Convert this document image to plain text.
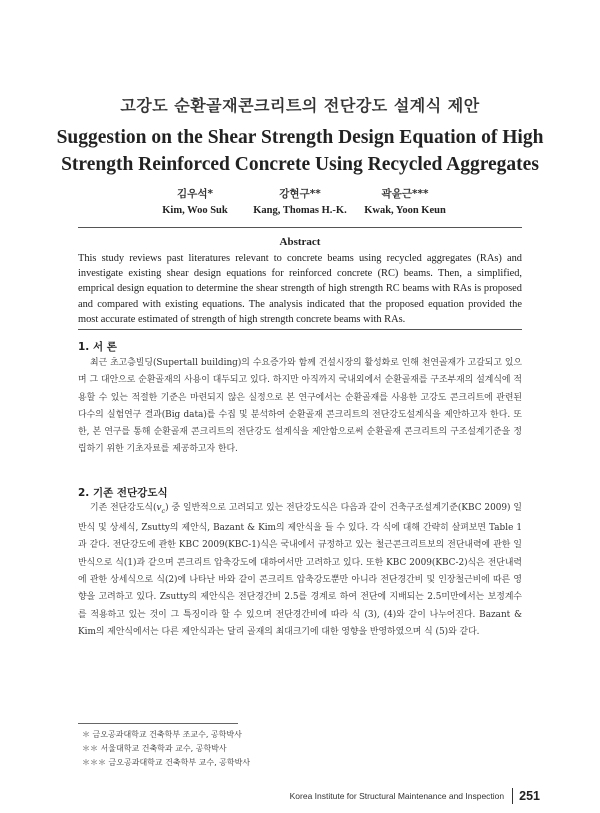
고강도 순환골재콘크리트의 전단강도 설계식 제안
Suggestion on the Shear Strength Design Equation of High
Strength Reinforced Concrete Using Recycled Aggregates
김우석*
Kim, Woo Suk
강현구**
Kang, Thomas H.-K.
곽윤근***
Kwak, Yoon Keun
Abstract
This study reviews past literatures relevant to concrete beams using recycled aggregates (RAs) and investigate existing shear design equations for reinforced concrete (RC) beams. Then, a simplified, emprical design equation to determine the shear strength of high strength RC beams with RAs is proposed and compared with existing equations. The analysis indicated that the proposed equation provided the most accurate estimated of strength of high strength concrete beams with RAs.
1. 서 론
최근 초고층빌딩(Supertall building)의 수요증가와 함께 건설시장의 활성화로 인해 천연골재가 고갈되고 있으며 그 대안으로 순환골재의 사용이 대두되고 있다. 하지만 아직까지 국내외에서 순환골재를 구조부재의 설계식에 적용할 수 있는 적절한 기준은 마련되지 않은 실정으로 본 연구에서는 순환골재를 사용한 고강도 콘크리트에 관련된 다수의 실험연구 결과(Big data)를 수집 및 분석하여 순환골재 콘크리트의 전단강도설계식을 제안하고자 한다. 또한, 본 연구를 통해 순환골재 콘크리트의 전단강도 설계식을 제안함으로써 순환골재 콘크리트의 구조설계기준을 정립하기 위한 기초자료를 제공하고자 한다.
2. 기존 전단강도식
기존 전단강도식$(v_c)$ 중 일반적으로 고려되고 있는 전단강도식은 다음과 같이 건축구조설계기준(KBC 2009) 일반식 및 상세식, Zsutty의 제안식, Bazant & Kim의 제안식을 들 수 있다. 각 식에 대해 간략히 살펴보면 Table 1과 같다. 전단강도에 관한 KBC 2009(KBC-1)식은 국내에서 규정하고 있는 철근콘크리트보의 전단내력에 관한 일반식으로 식(1)과 같으며 콘크리트 압축강도에 대하여서만 고려하고 있다. 또한 KBC 2009(KBC-2)식은 전단내력에 관한 상세식으로 식(2)에 나타난 바와 같이 콘크리트 압축강도뿐만 아니라 전단경간비 및 인장철근비에 따른 영향을 고려하고 있다. Zsutty의 제안식은 전단경간비 2.5를 경계로 하여 전단에 지배되는 2.5미만에서는 보정계수를 적용하고 있는 것이 그 특징이라 할 수 있으며 전단경간비에 따라 식 (3), (4)와 같이 나누어진다. Bazant & Kim의 제안식에서는 다른 제안식과는 달리 골재의 최대크기에 대한 영향을 반영하였으며 식 (5)와 같다.
＊ 금오공과대학교 건축학부 조교수, 공학박사
＊＊ 서울대학교 건축학과 교수, 공학박사
＊＊＊ 금오공과대학교 건축학부 교수, 공학박사
Korea Institute for Structural Maintenance and Inspection 251
